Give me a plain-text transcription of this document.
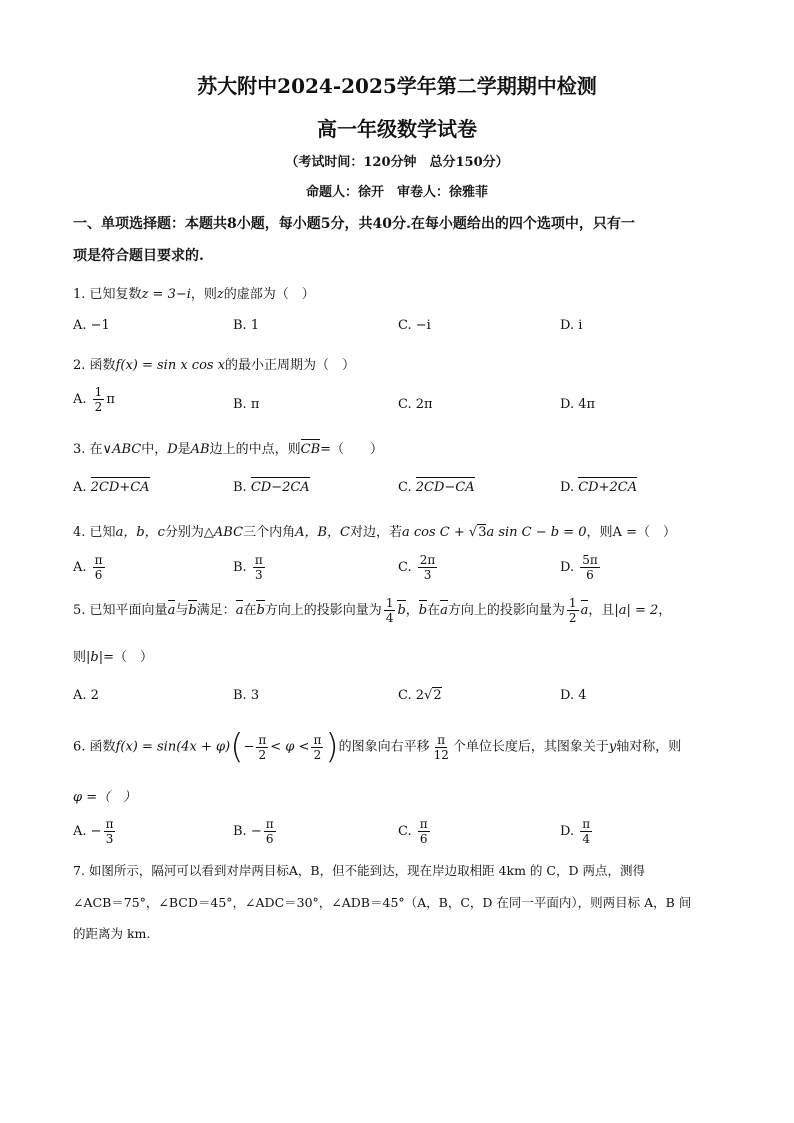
苏大附中2024-2025学年第二学期期中检测
高一年级数学试卷
（考试时间：120分钟　总分150分）
命题人：徐开　审卷人：徐雅菲
一、单项选择题：本题共8小题，每小题5分，共40分.在每小题给出的四个选项中，只有一
项是符合题目要求的.
1. 已知复数z = 3−i，则z的虚部为（　）
A. −1	B. 1	C. −i	D. i
2. 函数f(x) = sin x cos x的最小正周期为（　）
A. $\frac{1}{2}$ π	B. π	C. 2π	D. 4π
3. 在∨ABC中，D是AB边上的中点，则CB=（　　）
A. 2CD+CA	B. CD−2CA	C. 2CD−CA	D. CD+2CA
4. 已知a，b，c分别为△ABC三个内角A，B，C对边，若a cos C + √3a sin C − b = 0，则A =（　）
A. $\frac{\pi}{6}$	B. $\frac{\pi}{3}$	C. $\frac{2\pi}{3}$	D. $\frac{5\pi}{6}$
5. 已知平面向量a与b满足：a在b方向上的投影向量为 $\frac{1}{4}$ b，b在a方向上的投影向量为 $\frac{1}{2}$ a，且|a| = 2，
则|b|=（　）
A. 2	B. 3	C. 2√2	D. 4
6. 函数$f(x) = \sin(4x + \varphi)(- \frac{\pi}{2} < \varphi < \frac{\pi}{2}$ )的图象向右平移 $\frac{\pi}{12}$ 个单位长度后，其图象关于y轴对称，则
φ =（　）
A. − $\frac{\pi}{3}$	B. − $\frac{\pi}{6}$	C. $\frac{\pi}{6}$	D. $\frac{\pi}{4}$
7. 如图所示，隔河可以看到对岸两目标A，B，但不能到达，现在岸边取相距 4km 的 C，D 两点，测得
∠ACB＝75°，∠BCD＝45°，∠ADC＝30°，∠ADB＝45°（A，B，C，D 在同一平面内），则两目标 A，B 间
的距离为 km.
